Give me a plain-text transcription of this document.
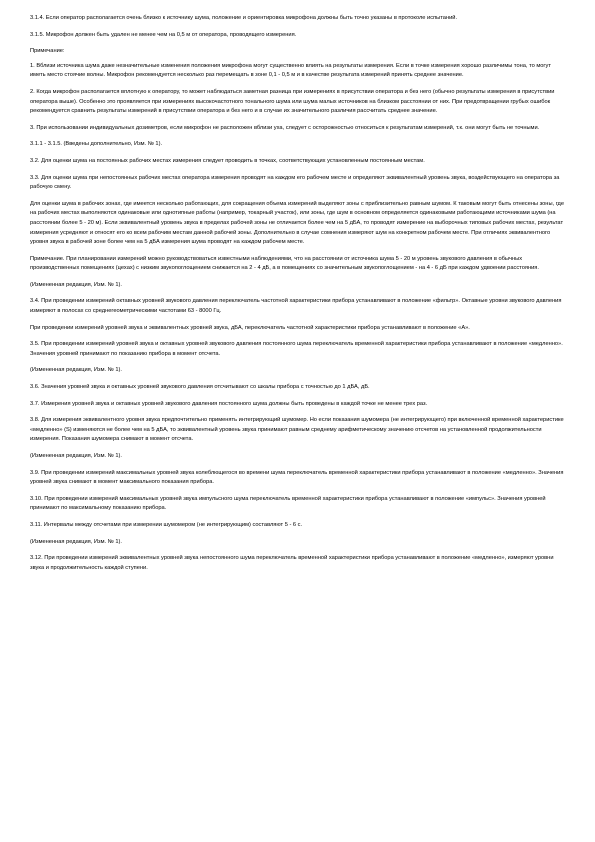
3.1.4. Если оператор располагается очень близко к источнику шума, положение и ориентировка микрофона должны быть точно указаны в протоколе испытаний.

3.1.5. Микрофон должен быть удален не менее чем на 0,5 м от оператора, проводящего измерения.

Примечание:

1. Вблизи источника шума даже незначительные изменения положения микрофона могут существенно влиять на результаты измерения. Если в точке измерения хорошо различимы тона, то могут иметь место стоячие волны. Микрофон рекомендуется несколько раз перемещать в зоне 0,1 - 0,5 м и в качестве результата измерений принять среднее значение.

2. Когда микрофон располагается вплотную к оператору, то может наблюдаться заметная разница при измерениях в присутствии оператора и без него (обычно результаты измерения в присутствии оператора выше). Особенно это проявляется при измерениях высокочастотного тонального шума или шума малых источников на близком расстоянии от них. При предотвращении грубых ошибок рекомендуется сравнить результаты измерений в присутствии оператора и без него и в случае их значительного различия рассчитать среднее значение.

3. При использовании индивидуальных дозиметров, если микрофон не расположен вблизи уха, следует с осторожностью относиться к результатам измерений, т.к. они могут быть не точными.

3.1.1 - 3.1.5. (Введены дополнительно, Изм. № 1).

3.2. Для оценки шума на постоянных рабочих местах измерения следует проводить в точках, соответствующих установленным постоянным местам.

3.3. Для оценки шума при непостоянных рабочих местах оператора измерения проводят на каждом его рабочем месте и определяют эквивалентный уровень звука, воздействующего на оператора за рабочую смену.

Для оценки шума в рабочих зонах, где имеется несколько работающих, для сокращения объема измерений выделяют зоны с приблизительно равным шумом. К таковым могут быть отнесены зоны, где на рабочих местах выполняются одинаковые или однотипные работы (например, токарный участок), или зоны, где шум в основном определяется одинаковыми работающими источниками шума (на расстоянии более 5 - 20 м). Если эквивалентный уровень звука в пределах рабочей зоны не отличается более чем на 5 дБА, то проводят измерение на выборочных типовых рабочих местах, результат измерения усредняют и относят его ко всем рабочим местам данной рабочей зоны. Дополнительно в случае сомнения измеряют шум на конкретном рабочем месте. При отличиях эквивалентного уровня звука в рабочей зоне более чем на 5 дБА измерения шума проводят на каждом рабочем месте.

Примечание. При планировании измерений можно руководствоваться известными наблюдениями, что на расстоянии от источника шума 5 - 20 м уровень звукового давления в обычных производственных помещениях (цехах) с низким звукопоглощением снижается на 2 - 4 дБ, а в помещениях со значительным звукопоглощением - на 4 - 6 дБ при каждом удвоении расстояния.

(Измененная редакция, Изм. № 1).

3.4. При проведении измерений октавных уровней звукового давления переключатель частотной характеристики прибора устанавливают в положение «фильтр». Октавные уровни звукового давления измеряют в полосах со среднегеометрическими частотами 63 - 8000 Гц.

При проведении измерений уровней звука и эквивалентных уровней звука, дБА, переключатель частотной характеристики прибора устанавливают в положение «А».

3.5. При проведении измерений уровней звука и октавных уровней звукового давления постоянного шума переключатель временной характеристики прибора устанавливают в положение «медленно». Значения уровней принимают по показанию прибора в момент отсчета.

(Измененная редакция, Изм. № 1).

3.6. Значения уровней звука и октавных уровней звукового давления отсчитывают со шкалы прибора с точностью до 1 дБА, дБ.

3.7. Измерения уровней звука и октавных уровней звукового давления постоянного шума должны быть проведены в каждой точке не менее трех раз.

3.8. Для измерения эквивалентного уровня звука предпочтительно применять интегрирующий шумомер. Но если показания шумомера (не интегрирующего) при включенной временной характеристике «медленно» (S) изменяются не более чем на 5 дБА, то эквивалентный уровень звука принимают равным среднему арифметическому значению отсчетов на установленной продолжительности измерения. Показания шумомера снимают в момент отсчета.

(Измененная редакция, Изм. № 1).

3.9. При проведении измерений максимальных уровней звука колеблющегося во времени шума переключатель временной характеристики прибора устанавливают в положение «медленно». Значения уровней звука снимают в момент максимального показания прибора.

3.10. При проведении измерений максимальных уровней звука импульсного шума переключатель временной характеристики прибора устанавливают в положение «импульс». Значения уровней принимают по максимальному показанию прибора.

3.11. Интервалы между отсчетами при измерении шумомером (не интегрирующим) составляют 5 - 6 с.

(Измененная редакция, Изм. № 1).

3.12. При проведении измерений эквивалентных уровней звука непостоянного шума переключатель временной характеристики прибора устанавливают в положение «медленно», измеряют уровни звука и продолжительность каждой ступени.
